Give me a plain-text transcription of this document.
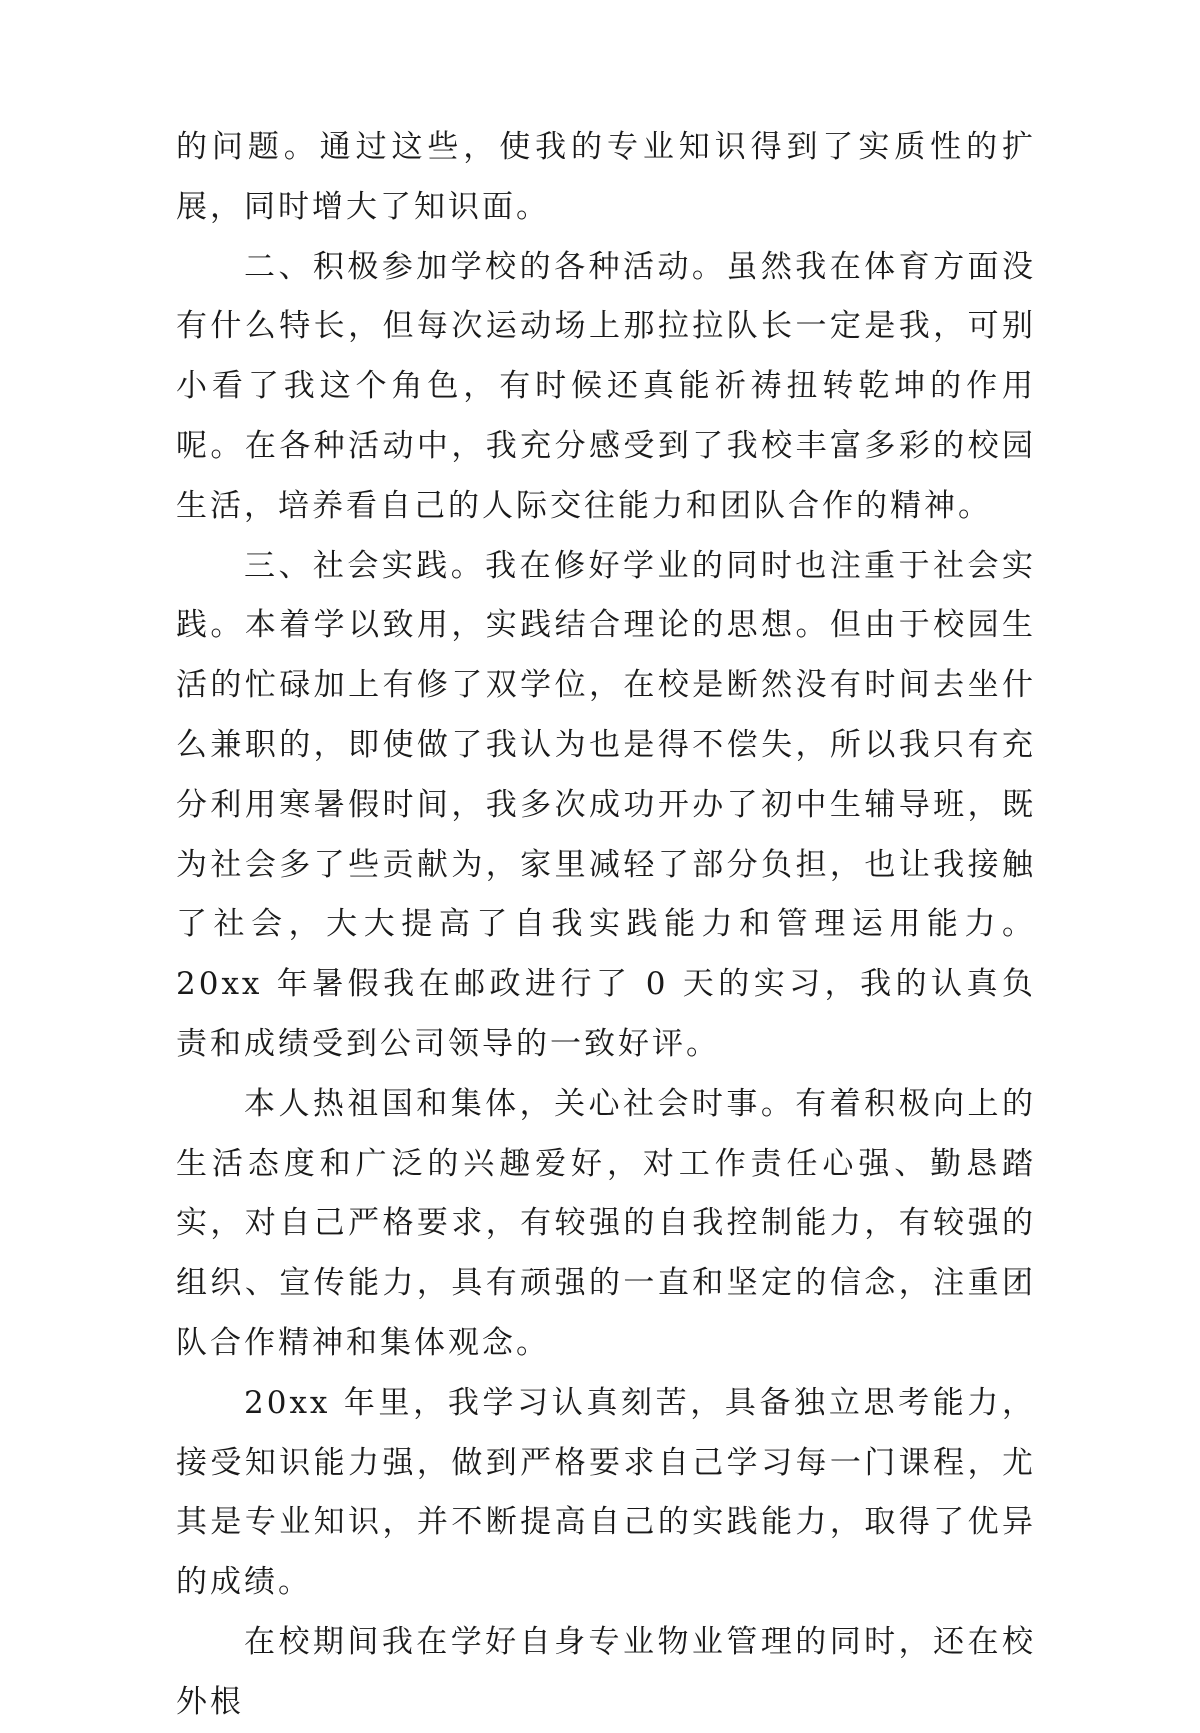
的问题。通过这些，使我的专业知识得到了实质性的扩展，同时增大了知识面。

二、积极参加学校的各种活动。虽然我在体育方面没有什么特长，但每次运动场上那拉拉队长一定是我，可别小看了我这个角色，有时候还真能祈祷扭转乾坤的作用呢。在各种活动中，我充分感受到了我校丰富多彩的校园生活，培养看自己的人际交往能力和团队合作的精神。

三、社会实践。我在修好学业的同时也注重于社会实践。本着学以致用，实践结合理论的思想。但由于校园生活的忙碌加上有修了双学位，在校是断然没有时间去坐什么兼职的，即使做了我认为也是得不偿失，所以我只有充分利用寒暑假时间，我多次成功开办了初中生辅导班，既为社会多了些贡献为，家里减轻了部分负担，也让我接触了社会，大大提高了自我实践能力和管理运用能力。20xx 年暑假我在邮政进行了 0 天的实习，我的认真负责和成绩受到公司领导的一致好评。

本人热祖国和集体，关心社会时事。有着积极向上的生活态度和广泛的兴趣爱好，对工作责任心强、勤恳踏实，对自己严格要求，有较强的自我控制能力，有较强的组织、宣传能力，具有顽强的一直和坚定的信念，注重团队合作精神和集体观念。

20xx 年里，我学习认真刻苦，具备独立思考能力，接受知识能力强，做到严格要求自己学习每一门课程，尤其是专业知识，并不断提高自己的实践能力，取得了优异的成绩。

在校期间我在学好自身专业物业管理的同时，还在校外根
